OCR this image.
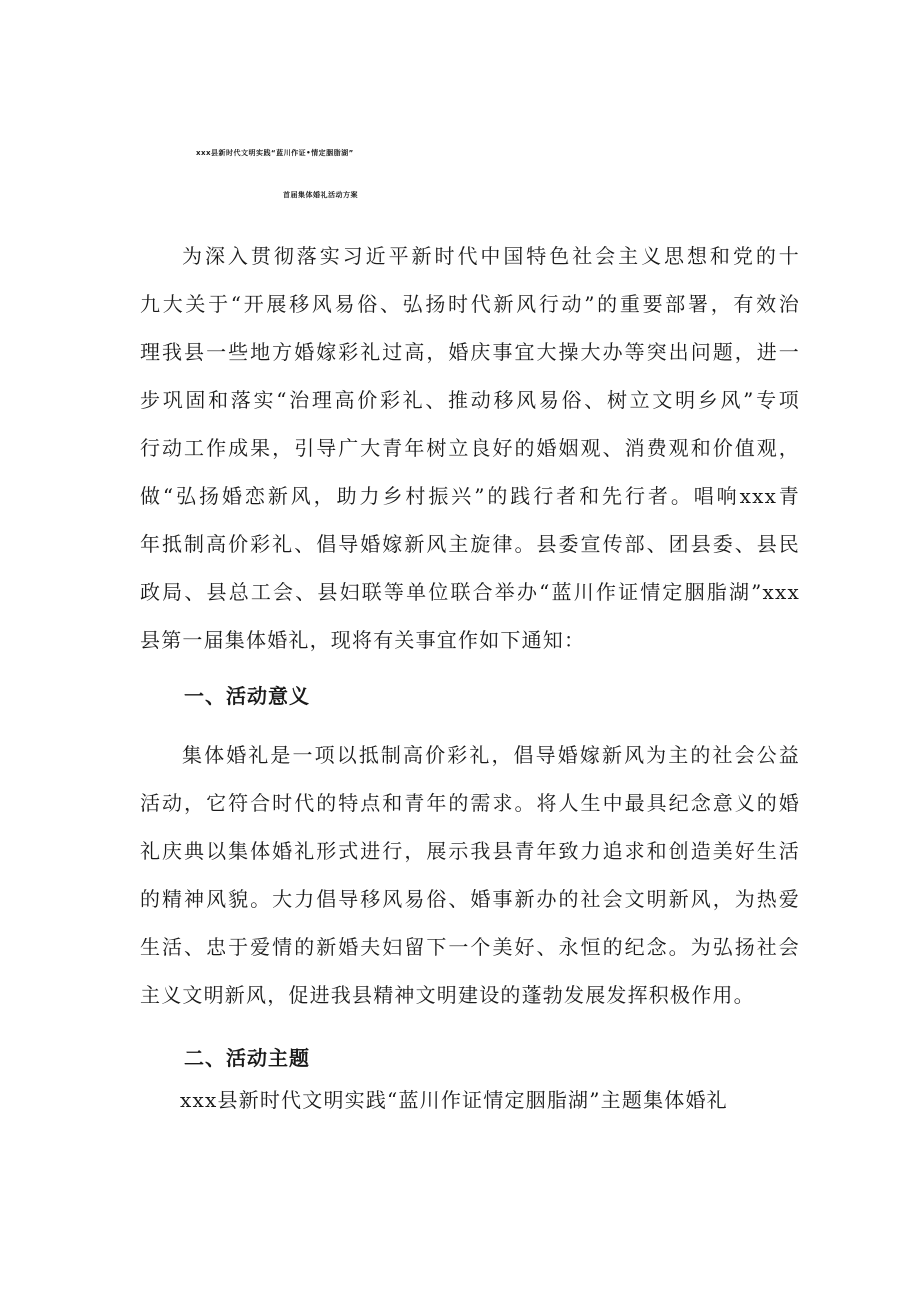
xxx县新时代文明实践“蓝川作证•情定胭脂湖”
首届集体婚礼活动方案
为深入贯彻落实习近平新时代中国特色社会主义思想和党的十
九大关于“开展移风易俗、弘扬时代新风行动”的重要部署，有效治
理我县一些地方婚嫁彩礼过高，婚庆事宜大操大办等突出问题，进一
步巩固和落实“治理高价彩礼、推动移风易俗、树立文明乡风”专项
行动工作成果，引导广大青年树立良好的婚姻观、消费观和价值观，
做“弘扬婚恋新风，助力乡村振兴”的践行者和先行者。唱响xxx青
年抵制高价彩礼、倡导婚嫁新风主旋律。县委宣传部、团县委、县民
政局、县总工会、县妇联等单位联合举办“蓝川作证情定胭脂湖”xxx
县第一届集体婚礼，现将有关事宜作如下通知：
一、活动意义
集体婚礼是一项以抵制高价彩礼，倡导婚嫁新风为主的社会公益
活动，它符合时代的特点和青年的需求。将人生中最具纪念意义的婚
礼庆典以集体婚礼形式进行，展示我县青年致力追求和创造美好生活
的精神风貌。大力倡导移风易俗、婚事新办的社会文明新风，为热爱
生活、忠于爱情的新婚夫妇留下一个美好、永恒的纪念。为弘扬社会
主义文明新风，促进我县精神文明建设的蓬勃发展发挥积极作用。
二、活动主题
xxx县新时代文明实践“蓝川作证情定胭脂湖”主题集体婚礼
